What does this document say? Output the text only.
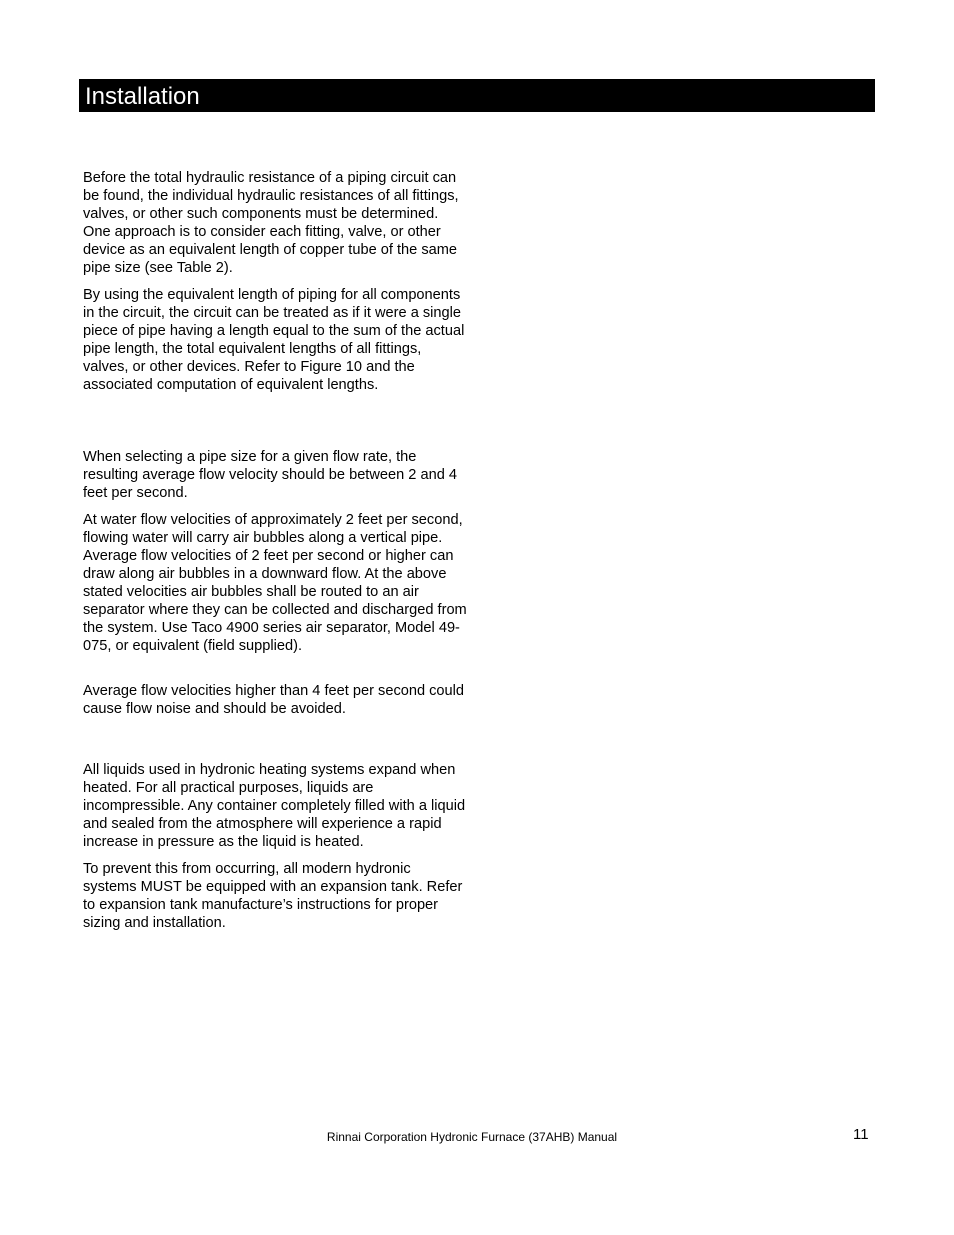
Installation

Before the total hydraulic resistance of a piping circuit can be found, the individual hydraulic resistances of all fittings, valves, or other such components must be determined. One approach is to consider each fitting, valve, or other device as an equivalent length of copper tube of the same pipe size (see Table 2).

By using the equivalent length of piping for all components in the circuit, the circuit can be treated as if it were a single piece of pipe having a length equal to the sum of the actual pipe length, the total equivalent lengths of all fittings, valves, or other devices. Refer to Figure 10 and the associated computation of equivalent lengths.

When selecting a pipe size for a given flow rate, the resulting average flow velocity should be between 2 and 4 feet per second.

At water flow velocities of approximately 2 feet per second, flowing water will carry air bubbles along a vertical pipe. Average flow velocities of 2 feet per second or higher can draw along air bubbles in a downward flow. At the above stated velocities air bubbles shall be routed to an air separator where they can be collected and discharged from the system. Use Taco 4900 series air separator, Model 49-075, or equivalent (field supplied).

Average flow velocities higher than 4 feet per second could cause flow noise and should be avoided.

All liquids used in hydronic heating systems expand when heated. For all practical purposes, liquids are incompressible. Any container completely filled with a liquid and sealed from the atmosphere will experience a rapid increase in pressure as the liquid is heated.

To prevent this from occurring, all modern hydronic systems MUST be equipped with an expansion tank. Refer to expansion tank manufacture’s instructions for proper sizing and installation.

Rinnai Corporation Hydronic Furnace (37AHB) Manual	11
